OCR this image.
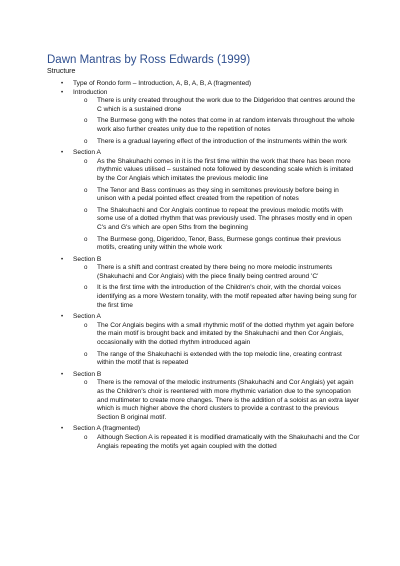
Dawn Mantras by Ross Edwards (1999)
Structure
• Type of Rondo form – Introduction, A, B, A, B, A (fragmented)
• Introduction
o There is unity created throughout the work due to the Didgeridoo that centres around the C which is a sustained drone
o The Burmese gong with the notes that come in at random intervals throughout the whole work also further creates unity due to the repetition of notes
o There is a gradual layering effect of the introduction of the instruments within the work
• Section A
o As the Shakuhachi comes in it is the first time within the work that there has been more rhythmic values utilised – sustained note followed by descending scale which is imitated by the Cor Anglais which imitates the previous melodic line
o The Tenor and Bass continues as they sing in semitones previously before being in unison with a pedal pointed effect created from the repetition of notes
o The Shakuhachi and Cor Anglais continue to repeat the previous melodic motifs with some use of a dotted rhythm that was previously used. The phrases mostly end in open C's and G's which are open 5ths from the beginning
o The Burmese gong, Digeridoo, Tenor, Bass, Burmese gongs continue their previous motifs, creating unity within the whole work
• Section B
o There is a shift and contrast created by there being no more melodic instruments (Shakuhachi and Cor Anglais) with the piece finally being centred around 'C'
o It is the first time with the introduction of the Children's choir, with the chordal voices identifying as a more Western tonality, with the motif repeated after having being sung for the first time
• Section A
o The Cor Anglais begins with a small rhythmic motif of the dotted rhythm yet again before the main motif is brought back and imitated by the Shakuhachi and then Cor Anglais, occasionally with the dotted rhythm introduced again
o The range of the Shakuhachi is extended with the top melodic line, creating contrast within the motif that is repeated
• Section B
o There is the removal of the melodic instruments (Shakuhachi and Cor Anglais) yet again as the Children's choir is reentered with more rhythmic variation due to the syncopation and multimeter to create more changes. There is the addition of a soloist as an extra layer which is much higher above the chord clusters to provide a contrast to the previous Section B original motif.
• Section A (fragmented)
o Although Section A is repeated it is modified dramatically with the Shakuhachi and the Cor Anglais repeating the motifs yet again coupled with the dotted
